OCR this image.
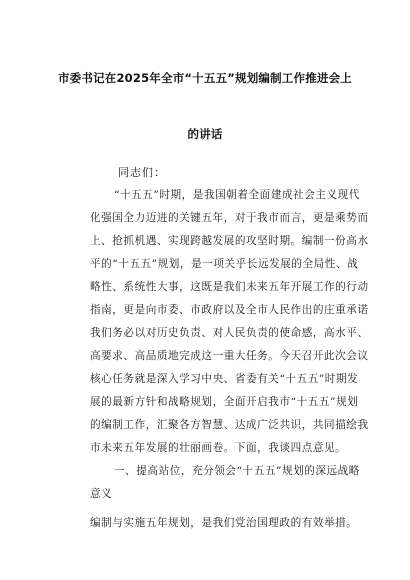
市委书记在2025年全市“十五五”规划编制工作推进会上
的讲话
同志们：
“十五五”时期，是我国朝着全面建成社会主义现代
化强国全力迈进的关键五年，对于我市而言，更是乘势而
上、抢抓机遇、实现跨越发展的攻坚时期。编制一份高水
平的“十五五”规划，是一项关乎长远发展的全局性、战
略性、系统性大事，这既是我们未来五年开展工作的行动
指南，更是向市委、市政府以及全市人民作出的庄重承诺
我们务必以对历史负责、对人民负责的使命感，高水平、
高要求、高品质地完成这一重大任务。今天召开此次会议
核心任务就是深入学习中央、省委有关“十五五”时期发
展的最新方针和战略规划，全面开启我市“十五五”规划
的编制工作，汇聚各方智慧、达成广泛共识，共同描绘我
市未来五年发展的壮丽画卷。下面，我谈四点意见。
一、提高站位，充分领会“十五五”规划的深远战略
意义
编制与实施五年规划，是我们党治国理政的有效举措。
